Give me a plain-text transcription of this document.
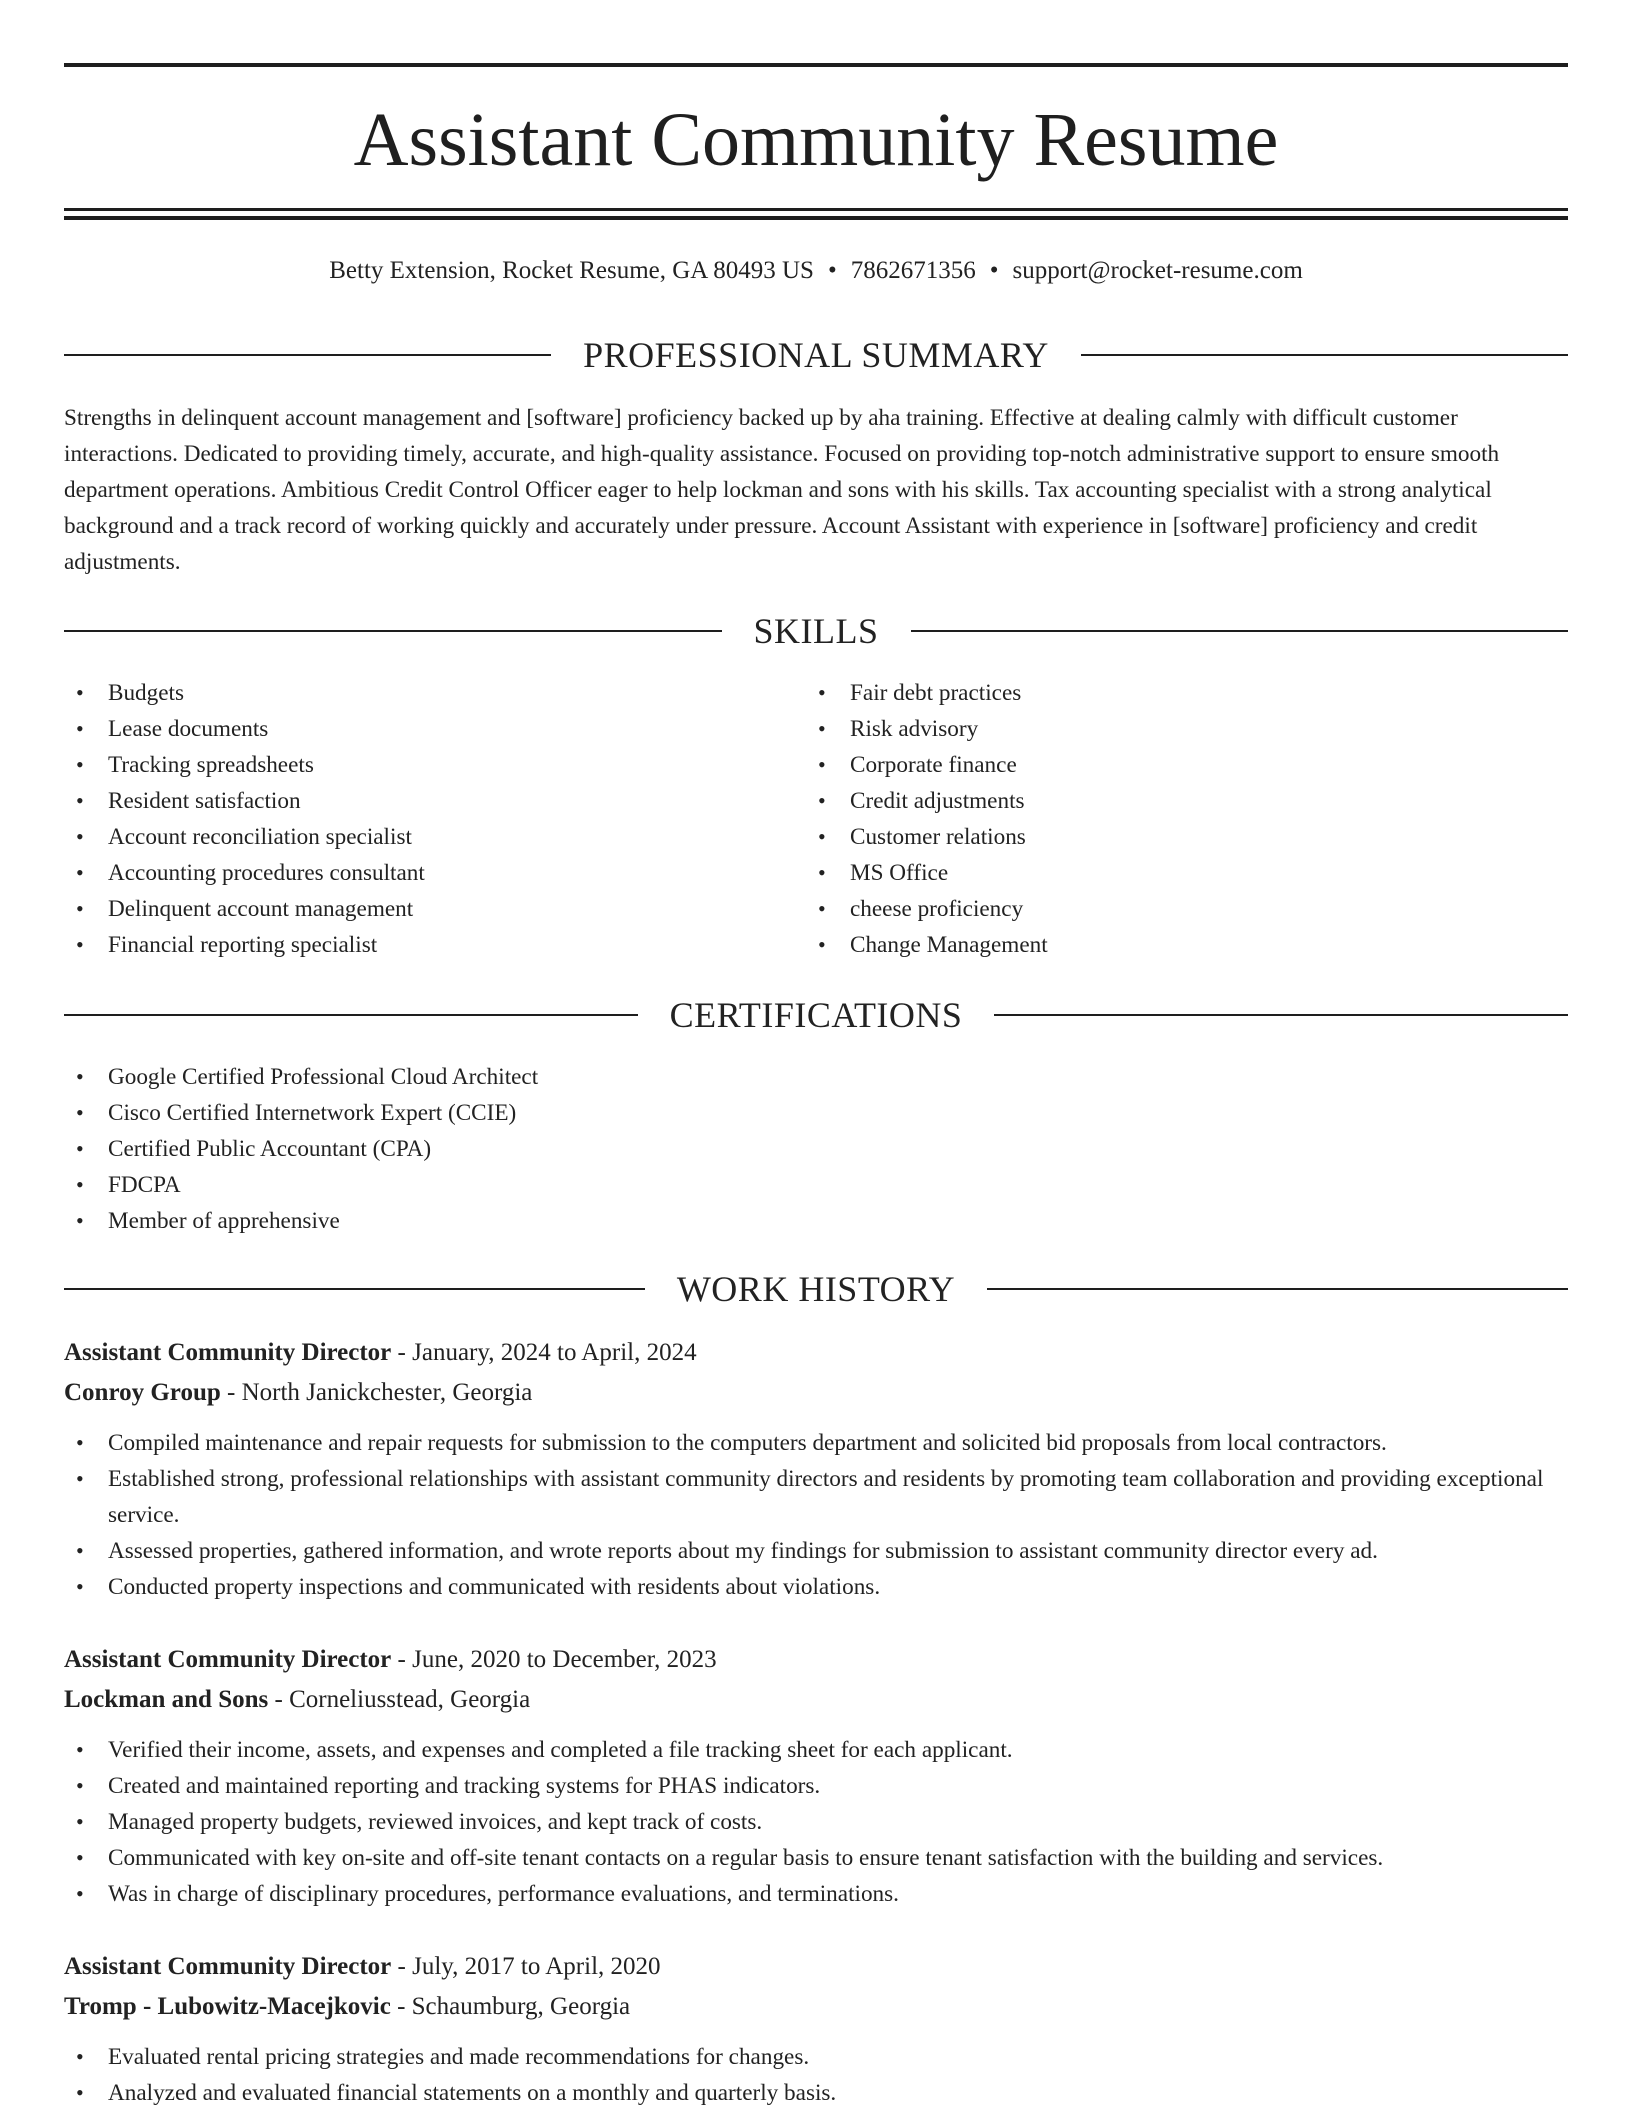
Assistant Community Resume
Betty Extension, Rocket Resume, GA 80493 US • 7862671356 • support@rocket-resume.com
PROFESSIONAL SUMMARY

Strengths in delinquent account management and [software] proficiency backed up by aha training. Effective at dealing calmly with difficult customer interactions. Dedicated to providing timely, accurate, and high-quality assistance. Focused on providing top-notch administrative support to ensure smooth department operations. Ambitious Credit Control Officer eager to help lockman and sons with his skills. Tax accounting specialist with a strong analytical background and a track record of working quickly and accurately under pressure. Account Assistant with experience in [software] proficiency and credit adjustments.

SKILLS
• Budgets
• Lease documents
• Tracking spreadsheets
• Resident satisfaction
• Account reconciliation specialist
• Accounting procedures consultant
• Delinquent account management
• Financial reporting specialist
• Fair debt practices
• Risk advisory
• Corporate finance
• Credit adjustments
• Customer relations
• MS Office
• cheese proficiency
• Change Management
CERTIFICATIONS
• Google Certified Professional Cloud Architect
• Cisco Certified Internetwork Expert (CCIE)
• Certified Public Accountant (CPA)
• FDCPA
• Member of apprehensive
WORK HISTORY
Assistant Community Director - January, 2024 to April, 2024
Conroy Group - North Janickchester, Georgia
• Compiled maintenance and repair requests for submission to the computers department and solicited bid proposals from local contractors.
• Established strong, professional relationships with assistant community directors and residents by promoting team collaboration and providing exceptional service.
• Assessed properties, gathered information, and wrote reports about my findings for submission to assistant community director every ad.
• Conducted property inspections and communicated with residents about violations.
Assistant Community Director - June, 2020 to December, 2023
Lockman and Sons - Corneliusstead, Georgia
• Verified their income, assets, and expenses and completed a file tracking sheet for each applicant.
• Created and maintained reporting and tracking systems for PHAS indicators.
• Managed property budgets, reviewed invoices, and kept track of costs.
• Communicated with key on-site and off-site tenant contacts on a regular basis to ensure tenant satisfaction with the building and services.
• Was in charge of disciplinary procedures, performance evaluations, and terminations.
Assistant Community Director - July, 2017 to April, 2020
Tromp - Lubowitz-Macejkovic - Schaumburg, Georgia
• Evaluated rental pricing strategies and made recommendations for changes.
• Analyzed and evaluated financial statements on a monthly and quarterly basis.
